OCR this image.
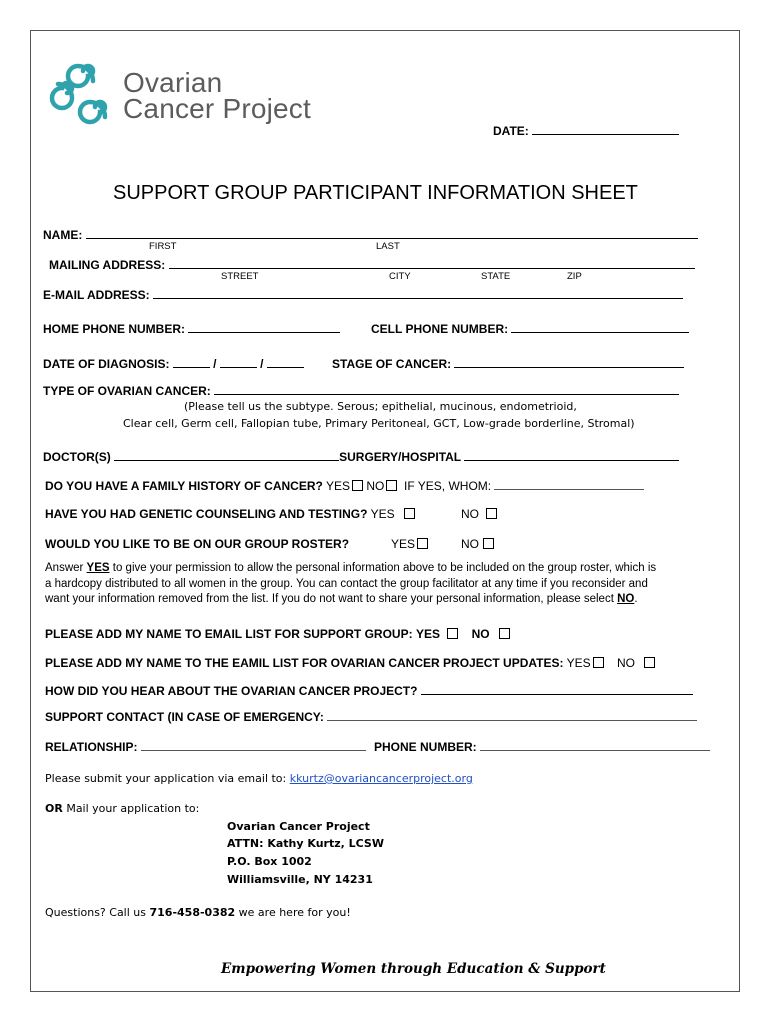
Ovarian
Cancer Project
DATE:
SUPPORT GROUP PARTICIPANT INFORMATION SHEET
NAME:
FIRST	LAST
MAILING ADDRESS:
STREET	CITY	STATE	ZIP
E-MAIL ADDRESS:
HOME PHONE NUMBER:	CELL PHONE NUMBER:
DATE OF DIAGNOSIS:	/	/	STAGE OF CANCER:
TYPE OF OVARIAN CANCER:
(Please tell us the subtype. Serous; epithelial, mucinous, endometrioid,
Clear cell, Germ cell, Fallopian tube, Primary Peritoneal, GCT, Low-grade borderline, Stromal)
DOCTOR(S)	SURGERY/HOSPITAL
DO YOU HAVE A FAMILY HISTORY OF CANCER? YES NO IF YES, WHOM:
HAVE YOU HAD GENETIC COUNSELING AND TESTING? YES	NO
WOULD YOU LIKE TO BE ON OUR GROUP ROSTER?	YES	NO
Answer YES to give your permission to allow the personal information above to be included on the group roster, which is
a hardcopy distributed to all women in the group. You can contact the group facilitator at any time if you reconsider and
want your information removed from the list. If you do not want to share your personal information, please select NO.
PLEASE ADD MY NAME TO EMAIL LIST FOR SUPPORT GROUP: YES	NO
PLEASE ADD MY NAME TO THE EAMIL LIST FOR OVARIAN CANCER PROJECT UPDATES: YES NO
HOW DID YOU HEAR ABOUT THE OVARIAN CANCER PROJECT?
SUPPORT CONTACT (IN CASE OF EMERGENCY:
RELATIONSHIP:	PHONE NUMBER:
Please submit your application via email to: kkurtz@ovariancancerproject.org
OR Mail your application to:
Ovarian Cancer Project
ATTN: Kathy Kurtz, LCSW
P.O. Box 1002
Williamsville, NY 14231
Questions? Call us 716-458-0382 we are here for you!
Empowering Women through Education & Support
